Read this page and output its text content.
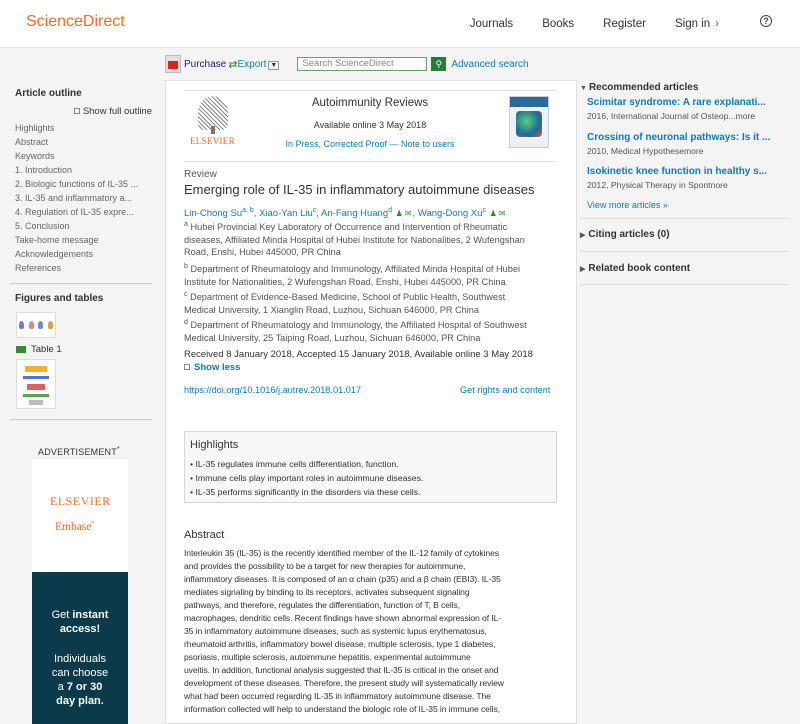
ScienceDirect	Journals	Books	Register	Sign in ›	?
Purchase ⇄ Export ▼	Search ScienceDirect	⚲ Advanced search
Article outline
Show full outline
Highlights
Abstract
Keywords
1. Introduction
2. Biologic functions of IL-35 ...
3. IL-35 and inflammatory a...
4. Regulation of IL-35 expre...
5. Conclusion
Take-home message
Acknowledgements
References
Figures and tables
Table 1
ADVERTISEMENT*
ELSEVIER
Embase*
Get instant
access!
Individuals
can choose
a 7 or 30
day plan.
ELSEVIER
Autoimmunity Reviews
Available online 3 May 2018
In Press, Corrected Proof — Note to users
Review
Emerging role of IL-35 in inflammatory autoimmune diseases
Lin-Chong Su$^{a, b}$, Xiao-Yan Liu$^c$, An-Fang Huang$^d$ ♟ ✉, Wang-Dong Xu$^c$ ♟ ✉
$^a$ Hubei Provincial Key Laboratory of Occurrence and Intervention of Rheumatic
diseases, Affiliated Minda Hospital of Hubei Institute for Nationalities, 2 Wufengshan
Road, Enshi, Hubei 445000, PR China
$^b$ Department of Rheumatology and Immunology, Affiliated Minda Hospital of Hubei
Institute for Nationalities, 2 Wufengshan Road, Enshi, Hubei 445000, PR China
$^c$ Department of Evidence-Based Medicine, School of Public Health, Southwest
Medical University, 1 Xianglin Road, Luzhou, Sichuan 646000, PR China
$^d$ Department of Rheumatology and Immunology, the Affiliated Hospital of Southwest
Medical University, 25 Taiping Road, Luzhou, Sichuan 646000, PR China
Received 8 January 2018, Accepted 15 January 2018, Available online 3 May 2018
Show less
https://doi.org/10.1016/j.autrev.2018.01.017	Get rights and content
Highlights
• IL-35 regulates immune cells differentiation, function.
• Immune cells play important roles in autoimmune diseases.
• IL-35 performs significantly in the disorders via these cells.
Abstract
Interleukin 35 (IL-35) is the recently identified member of the IL-12 family of cytokines
and provides the possibility to be a target for new therapies for autoimmune,
inflammatory diseases. It is composed of an α chain (p35) and a β chain (EBI3). IL-35
mediates signaling by binding to its receptors, activates subsequent signaling
pathways, and therefore, regulates the differentiation, function of T, B cells,
macrophages, dendritic cells. Recent findings have shown abnormal expression of IL-
35 in inflammatory autoimmune diseases, such as systemic lupus erythematosus,
rheumatoid arthritis, inflammatory bowel disease, multiple sclerosis, type 1 diabetes,
psoriasis, multiple sclerosis, autoimmune hepatitis, experimental autoimmune
uveitis. In addition, functional analysis suggested that IL-35 is critical in the onset and
development of these diseases. Therefore, the present study will systematically review
what had been occurred regarding IL-35 in inflammatory autoimmune disease. The
information collected will help to understand the biologic role of IL-35 in immune cells,
▼ Recommended articles
Scimitar syndrome: A rare explanati...
2016, International Journal of Osteop...more
Crossing of neuronal pathways: Is it ...
2010, Medical Hypothesemore
Isokinetic knee function in healthy s...
2012, Physical Therapy in Spontnore
View more articles »
▶ Citing articles (0)
▶ Related book content
